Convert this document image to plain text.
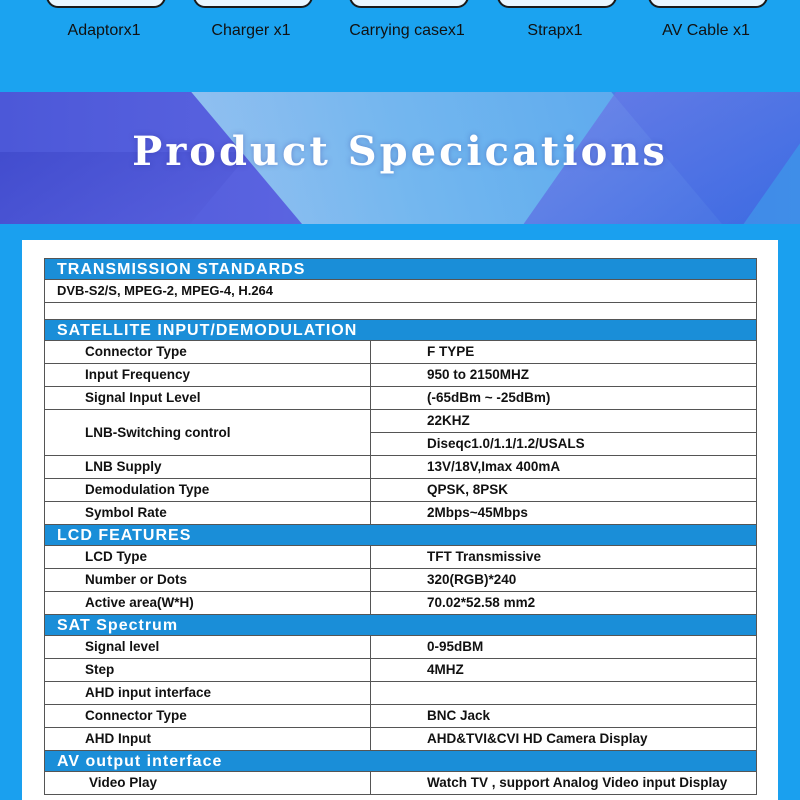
Adaptorx1	Charger x1	Carrying casex1	Strapx1	AV Cable x1
Product Specications
TRANSMISSION STANDARDS	
DVB-S2/S, MPEG-2, MPEG-4, H.264	

SATELLITE INPUT/DEMODULATION	
Connector Type	F TYPE
Input Frequency	950 to 2150MHZ
Signal Input Level	(-65dBm ~ -25dBm)
LNB-Switching control	22KHZ
	Diseqc1.0/1.1/1.2/USALS
LNB Supply	13V/18V,Imax 400mA
Demodulation Type	QPSK, 8PSK
Symbol Rate	2Mbps~45Mbps
LCD FEATURES	
LCD Type	TFT Transmissive
Number or Dots	320(RGB)*240
Active area(W*H)	70.02*52.58 mm2
SAT Spectrum	
Signal level	0-95dBM
Step	4MHZ
AHD input interface	
Connector Type	BNC Jack
AHD Input	AHD&TVI&CVI HD Camera Display
AV output interface	
Video Play	Watch TV , support Analog Video input Display
